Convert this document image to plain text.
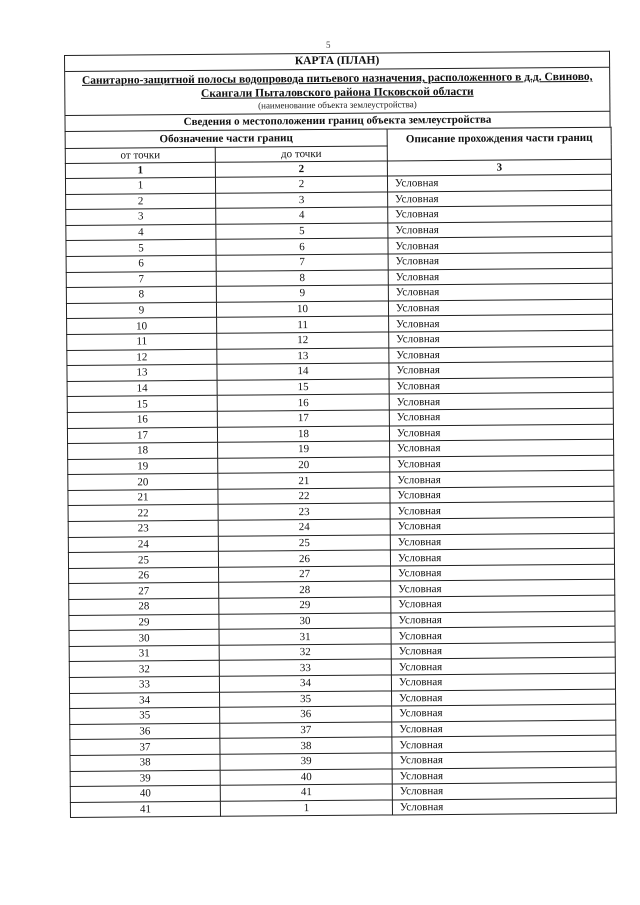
5
КАРТА (ПЛАН)
Санитарно-защитной полосы водопровода питьевого назначения, расположенного в д.д. Свиново, Скангали Пыталовского района Псковской области
(наименование объекта землеустройства)
Сведения о местоположении границ объекта землеустройства
Обозначение части границ		Описание прохождения части границ
от точки	до точки	
1	2	3
1	2	Условная
2	3	Условная
3	4	Условная
4	5	Условная
5	6	Условная
6	7	Условная
7	8	Условная
8	9	Условная
9	10	Условная
10	11	Условная
11	12	Условная
12	13	Условная
13	14	Условная
14	15	Условная
15	16	Условная
16	17	Условная
17	18	Условная
18	19	Условная
19	20	Условная
20	21	Условная
21	22	Условная
22	23	Условная
23	24	Условная
24	25	Условная
25	26	Условная
26	27	Условная
27	28	Условная
28	29	Условная
29	30	Условная
30	31	Условная
31	32	Условная
32	33	Условная
33	34	Условная
34	35	Условная
35	36	Условная
36	37	Условная
37	38	Условная
38	39	Условная
39	40	Условная
40	41	Условная
41	1	Условная
